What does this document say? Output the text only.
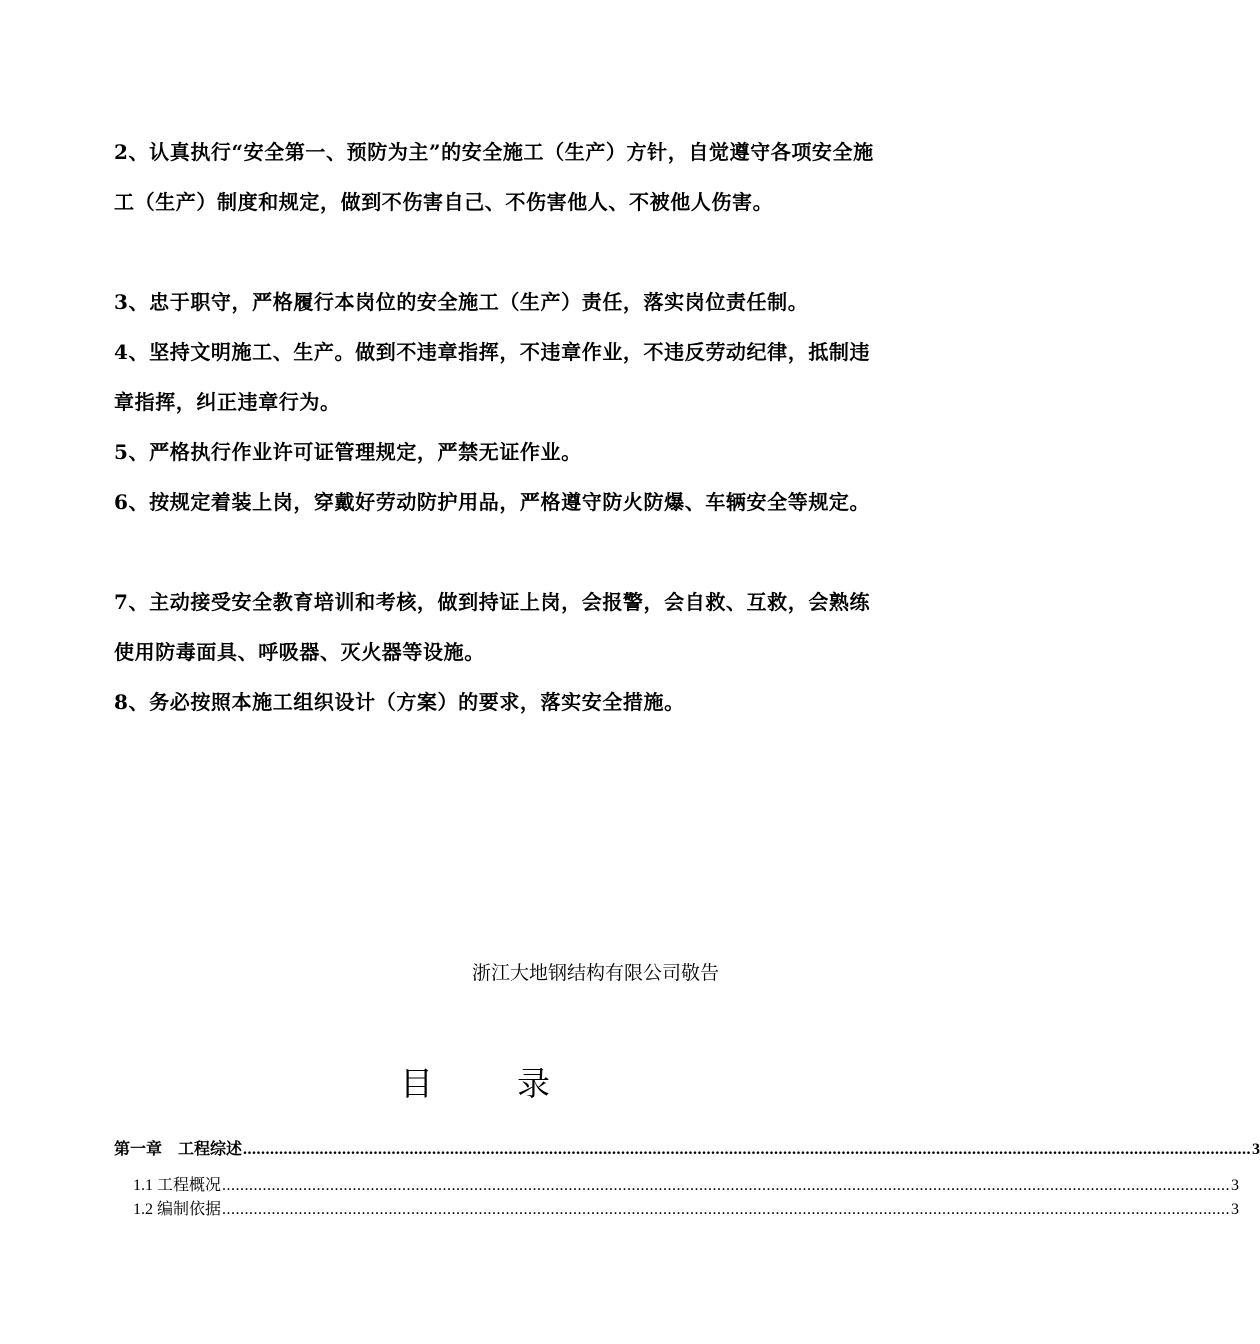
2、认真执行“安全第一、预防为主”的安全施工（生产）方针，自觉遵守各项安全施工（生产）制度和规定，做到不伤害自己、不伤害他人、不被他人伤害。
3、忠于职守，严格履行本岗位的安全施工（生产）责任，落实岗位责任制。
4、坚持文明施工、生产。做到不违章指挥，不违章作业，不违反劳动纪律，抵制违章指挥，纠正违章行为。
5、严格执行作业许可证管理规定，严禁无证作业。
6、按规定着装上岗，穿戴好劳动防护用品，严格遵守防火防爆、车辆安全等规定。
7、主动接受安全教育培训和考核，做到持证上岗，会报警，会自救、互救，会熟练使用防毒面具、呼吸器、灭火器等设施。
8、务必按照本施工组织设计（方案）的要求，落实安全措施。
浙江大地钢结构有限公司敬告
目	录
第一章　工程综述 ................................................................................................................................................................................................................................ 3
1.1 工程概况 ................................................................................................................................................................................................................................ 3
1.2 编制依据 ................................................................................................................................................................................................................................ 3
